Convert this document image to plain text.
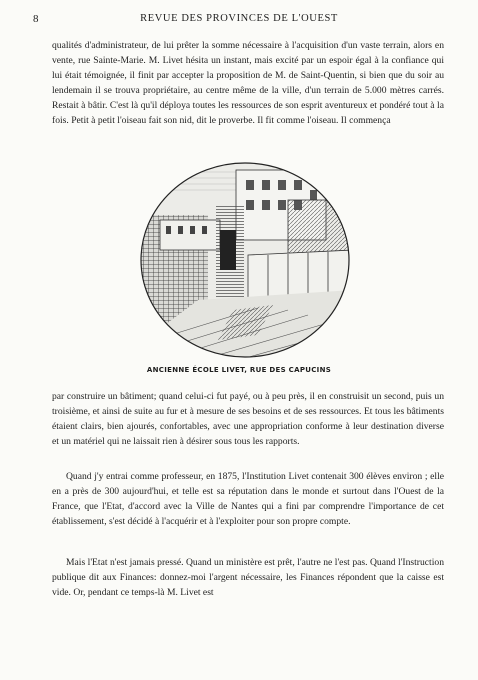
8	REVUE DES PROVINCES DE L'OUEST

qualités d'administrateur, de lui prêter la somme nécessaire à l'acquisition d'un vaste terrain, alors en vente, rue Sainte-Marie. M. Livet hésita un instant, mais excité par un espoir égal à la confiance qui lui était témoignée, il finit par accepter la proposition de M. de Saint-Quentin, si bien que du soir au lendemain il se trouva propriétaire, au centre même de la ville, d'un terrain de 5.000 mètres carrés. Restait à bâtir. C'est là qu'il déploya toutes les ressources de son esprit aventureux et pondéré tout à la fois. Petit à petit l'oiseau fait son nid, dit le proverbe. Il fit comme l'oiseau. Il commença

ANCIENNE ÉCOLE LIVET, RUE DES CAPUCINS

par construire un bâtiment; quand celui-ci fut payé, ou à peu près, il en construisit un second, puis un troisième, et ainsi de suite au fur et à mesure de ses besoins et de ses ressources. Et tous les bâtiments étaient clairs, bien ajourés, confortables, avec une appropriation conforme à leur destination diverse et un matériel qui ne laissait rien à désirer sous tous les rapports.

Quand j'y entrai comme professeur, en 1875, l'Institution Livet contenait 300 élèves environ ; elle en a près de 300 aujourd'hui, et telle est sa réputation dans le monde et surtout dans l'Ouest de la France, que l'Etat, d'accord avec la Ville de Nantes qui a fini par comprendre l'importance de cet établissement, s'est décidé à l'acquérir et à l'exploiter pour son propre compte.

Mais l'Etat n'est jamais pressé. Quand un ministère est prêt, l'autre ne l'est pas. Quand l'Instruction publique dit aux Finances: donnez-moi l'argent nécessaire, les Finances répondent que la caisse est vide. Or, pendant ce temps-là M. Livet est
